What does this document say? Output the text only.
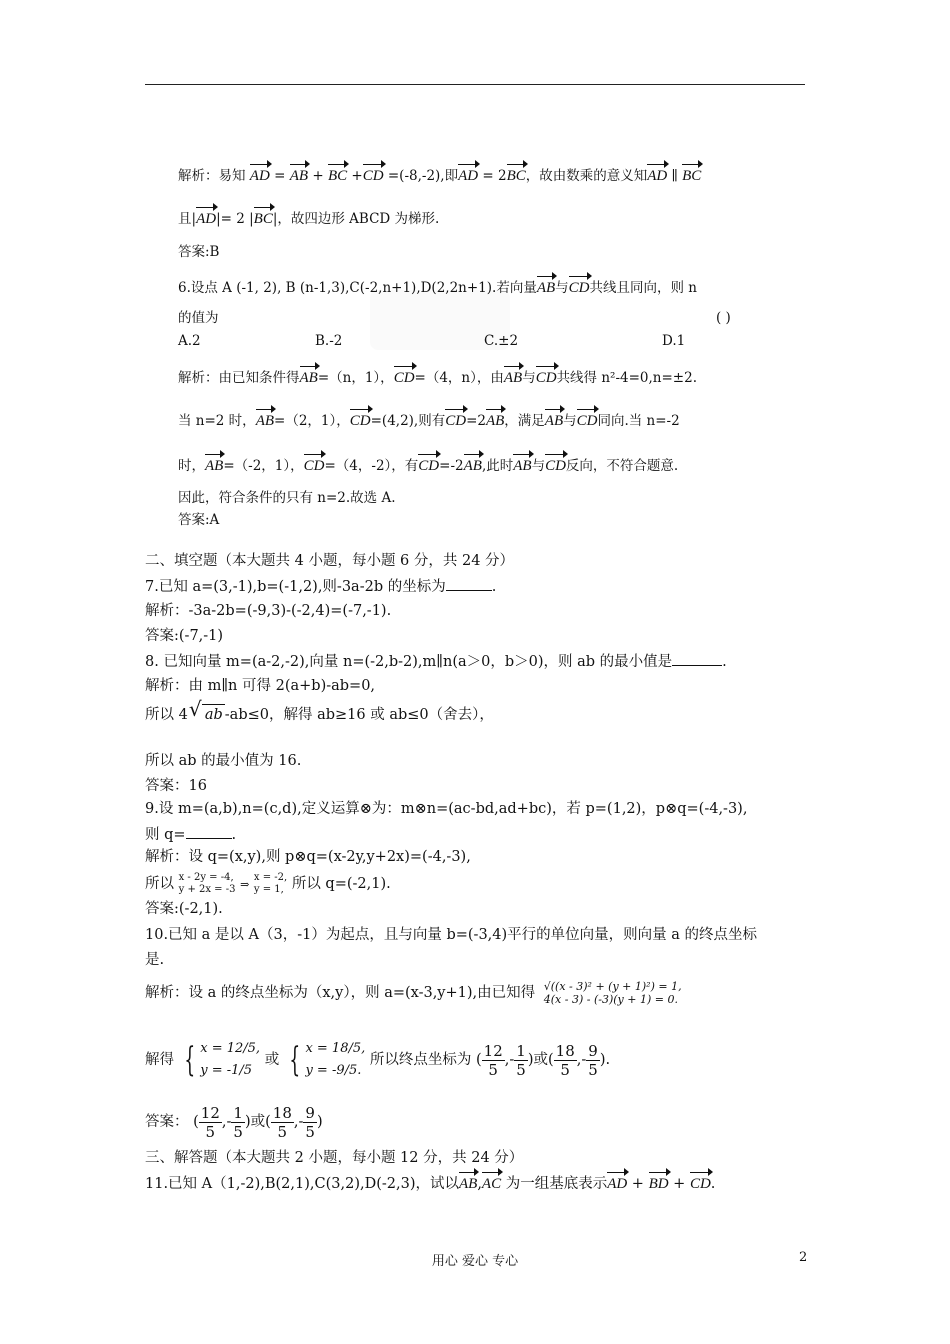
解析：易知 AD = AB + BC +CD =(-8,-2),即AD = 2BC，故由数乘的意义知AD ∥ BC
且|AD|= 2 |BC|，故四边形 ABCD 为梯形.
答案:B
6.设点 A (-1, 2), B (n-1,3),C(-2,n+1),D(2,2n+1).若向量AB与CD共线且同向，则 n
的值为	( )
A.2	B.-2	C.±2	D.1
解析：由已知条件得AB=（n，1），CD=（4，n），由AB与CD共线得 n²-4=0,n=±2.
当 n=2 时，AB=（2，1），CD=(4,2),则有CD=2AB，满足AB与CD同向.当 n=-2
时，AB=（-2，1），CD=（4，-2），有CD=-2AB,此时AB与CD反向，不符合题意.
因此，符合条件的只有 n=2.故选 A.
答案:A
二、填空题（本大题共 4 小题，每小题 6 分，共 24 分）
7.已知 a=(3,-1),b=(-1,2),则-3a-2b 的坐标为	.
解析：-3a-2b=(-9,3)-(-2,4)=(-7,-1).
答案:(-7,-1)
8. 已知向量 m=(a-2,-2),向量 n=(-2,b-2),m∥n(a＞0，b＞0)，则 ab 的最小值是	.
解析：由 m∥n 可得 2(a+b)-ab=0,
所以 4√ ab -ab≤0，解得 ab≥16 或 ab≤0（舍去），
所以 ab 的最小值为 16.
答案：16
9.设 m=(a,b),n=(c,d),定义运算⊗为：m⊗n=(ac-bd,ad+bc)，若 p=(1,2)，p⊗q=(-4,-3),
则 q=	.
解析：设 q=(x,y),则 p⊗q=(x-2y,y+2x)=(-4,-3),
所以 x - 2y = -4,
y + 2x = -3 ⇒
x = -2,
y = 1, 所以 q=(-2,1).
答案:(-2,1).
10.已知 a 是以 A（3，-1）为起点，且与向量 b=(-3,4)平行的单位向量，则向量 a 的终点坐标
是.
解析：设 a 的终点坐标为（x,y），则 a=(x-3,y+1),由已知得 √((x - 3)² + (y + 1)²) = 1,
4(x - 3) - (-3)(y + 1) = 0.
解得 { x = 12/5,
y = -1/5
或 { x = 18/5,
y = -9/5.
所以终点坐标为 ( $\frac{12}{5}$ ,- $\frac{1}{5}$ )或( $\frac{18}{5}$ ,- $\frac{9}{5}$ ).
答案： ( $\frac{12}{5}$ ,- $\frac{1}{5}$ )或( $\frac{18}{5}$ ,- $\frac{9}{5}$ )
三、解答题（本大题共 2 小题，每小题 12 分，共 24 分）
11.已知 A（1,-2),B(2,1),C(3,2),D(-2,3)，试以AB,AC 为一组基底表示AD + BD + CD.
用心 爱心 专心	2
